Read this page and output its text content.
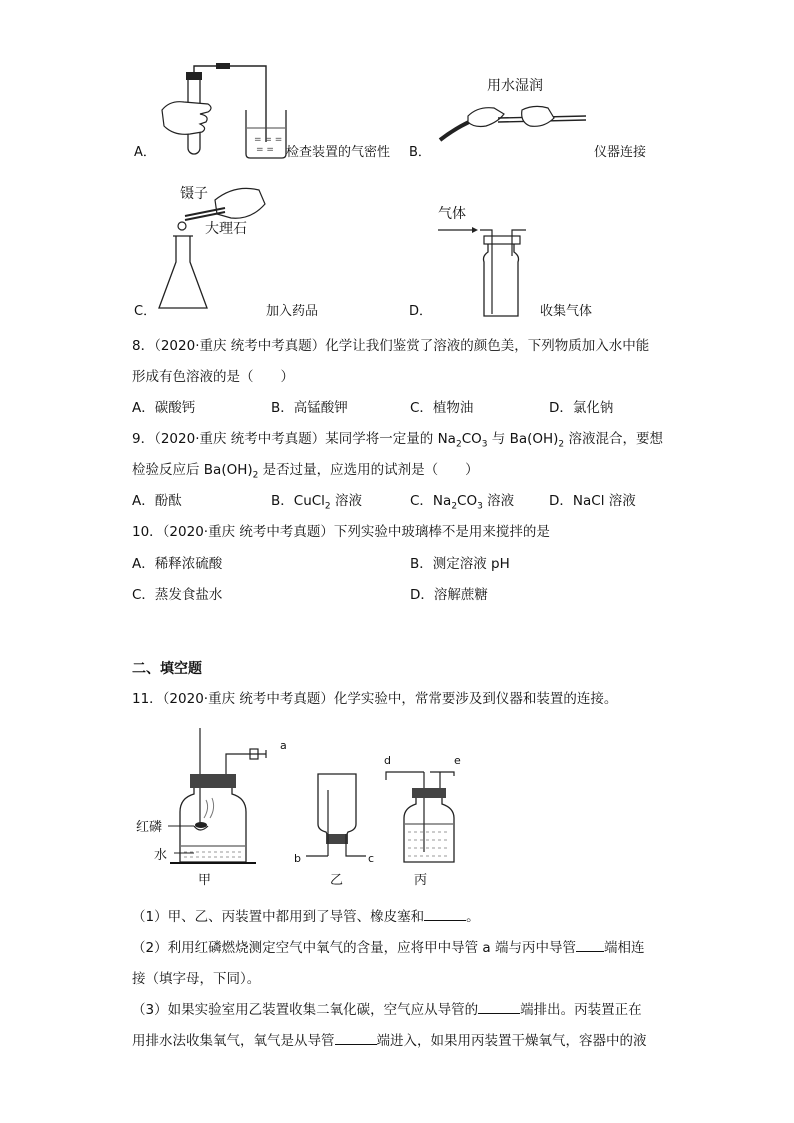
= = =
= =
A．	检查装置的气密性
用水湿润
B．	仪器连接
镊子
大理石
C．	加入药品
气体
D．	收集气体
8．（2020·重庆 统考中考真题）化学让我们鉴赏了溶液的颜色美，下列物质加入水中能
形成有色溶液的是（　　）
A．碳酸钙	B．高锰酸钾	C．植物油	D．氯化钠
9．（2020·重庆 统考中考真题）某同学将一定量的 $Na_2CO_3$ 与 $Ba(OH)_2$ 溶液混合，要想
检验反应后 $Ba(OH)_2$ 是否过量，应选用的试剂是（　　）
A．酚酞	B．CuCl$_2$ 溶液	C．$Na_2CO_3$ 溶液	D．NaCl 溶液
10．（2020·重庆 统考中考真题）下列实验中玻璃棒不是用来搅拌的是
A．稀释浓硫酸	B．测定溶液 pH
C．蒸发食盐水	D．溶解蔗糖
二、填空题
11．（2020·重庆 统考中考真题）化学实验中，常常要涉及到仪器和装置的连接。
a
红磷
水
甲
b	c
乙
d	e
丙
（1）甲、乙、丙装置中都用到了导管、橡皮塞和	。
（2）利用红磷燃烧测定空气中氧气的含量，应将甲中导管 a 端与丙中导管 端相连
接（填字母，下同）。
（3）如果实验室用乙装置收集二氧化碳，空气应从导管的	端排出。丙装置正在
用排水法收集氧气，氧气是从导管	端进入，如果用丙装置干燥氧气，容器中的液
